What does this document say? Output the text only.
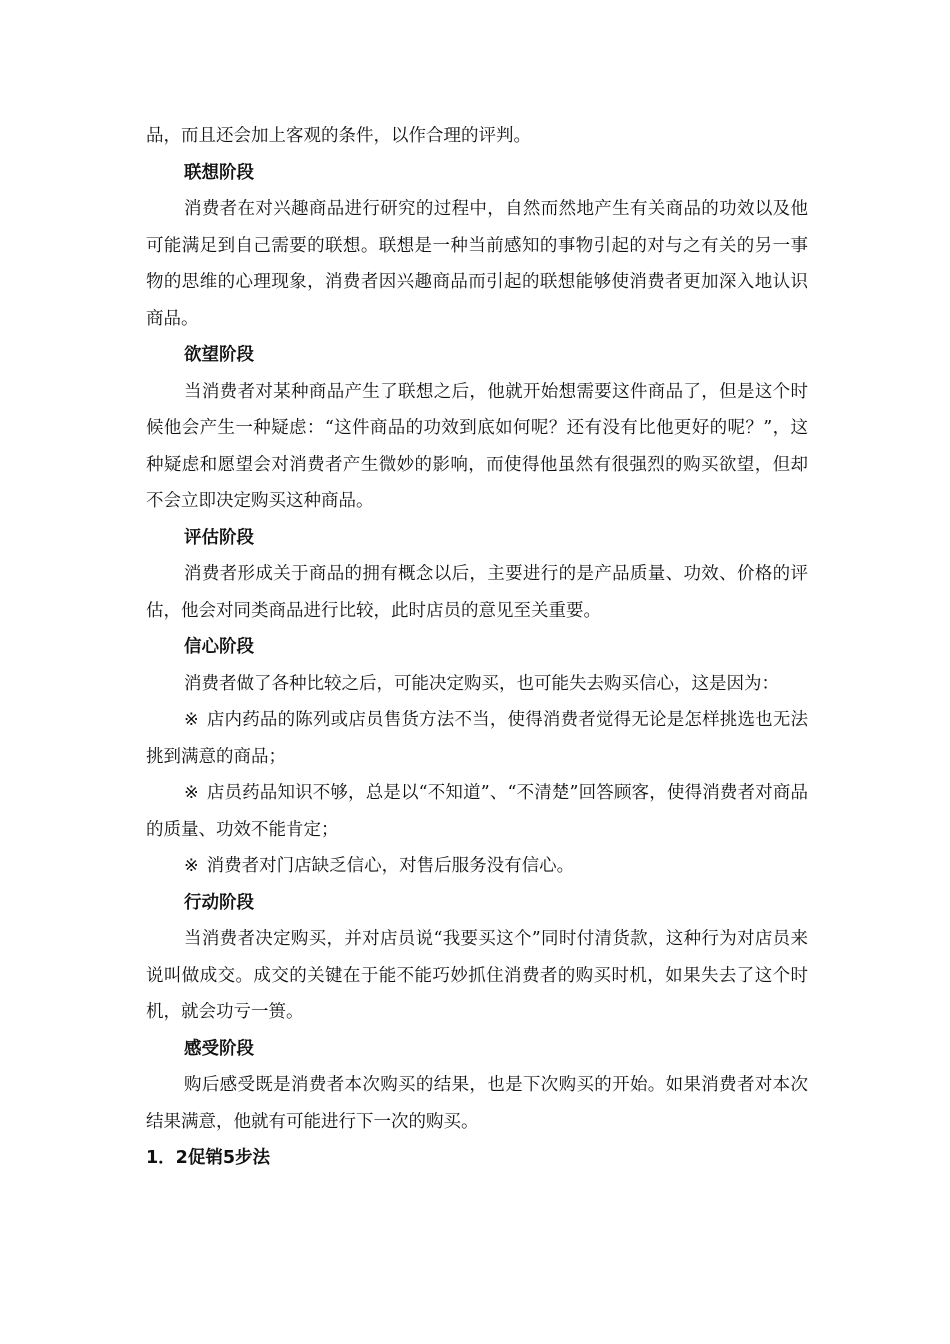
品，而且还会加上客观的条件，以作合理的评判。

联想阶段

消费者在对兴趣商品进行研究的过程中，自然而然地产生有关商品的功效以及他可能满足到自己需要的联想。联想是一种当前感知的事物引起的对与之有关的另一事物的思维的心理现象，消费者因兴趣商品而引起的联想能够使消费者更加深入地认识商品。

欲望阶段

当消费者对某种商品产生了联想之后，他就开始想需要这件商品了，但是这个时候他会产生一种疑虑：“这件商品的功效到底如何呢？还有没有比他更好的呢？”，这种疑虑和愿望会对消费者产生微妙的影响，而使得他虽然有很强烈的购买欲望，但却不会立即决定购买这种商品。

评估阶段

消费者形成关于商品的拥有概念以后，主要进行的是产品质量、功效、价格的评估，他会对同类商品进行比较，此时店员的意见至关重要。

信心阶段

消费者做了各种比较之后，可能决定购买，也可能失去购买信心，这是因为：

※ 店内药品的陈列或店员售货方法不当，使得消费者觉得无论是怎样挑选也无法挑到满意的商品；

※ 店员药品知识不够，总是以“不知道”、“不清楚”回答顾客，使得消费者对商品的质量、功效不能肯定；

※ 消费者对门店缺乏信心，对售后服务没有信心。

行动阶段

当消费者决定购买，并对店员说“我要买这个”同时付清货款，这种行为对店员来说叫做成交。成交的关键在于能不能巧妙抓住消费者的购买时机，如果失去了这个时机，就会功亏一篑。

感受阶段

购后感受既是消费者本次购买的结果，也是下次购买的开始。如果消费者对本次结果满意，他就有可能进行下一次的购买。

1．2促销5步法
